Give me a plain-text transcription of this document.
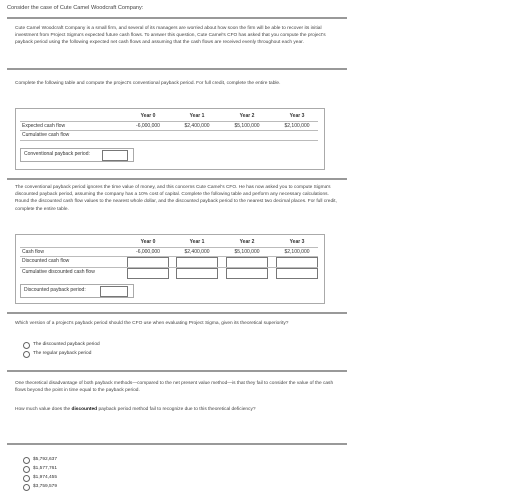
Consider the case of Cute Camel Woodcraft Company:
Cute Camel Woodcraft Company is a small firm, and several of its managers are worried about how soon the firm will be able to recover its initial investment from Project Sigma's expected future cash flows. To answer this question, Cute Camel's CFO has asked that you compute the project's payback period using the following expected net cash flows and assuming that the cash flows are received evenly throughout each year.
Complete the following table and compute the project's conventional payback period. For full credit, complete the entire table.
Year 0	Year 1	Year 2	Year 3
Expected cash flow	-6,000,000	$2,400,000	$5,100,000	$2,100,000
Cumulative cash flow
Conventional payback period:
The conventional payback period ignores the time value of money, and this concerns Cute Camel's CFO. He has now asked you to compute Sigma's discounted payback period, assuming the company has a 10% cost of capital. Complete the following table and perform any necessary calculations. Round the discounted cash flow values to the nearest whole dollar, and the discounted payback period to the nearest two decimal places. For full credit, complete the entire table.
Year 0	Year 1	Year 2	Year 3
Cash flow	-6,000,000	$2,400,000	$5,100,000	$2,100,000
Discounted cash flow
Cumulative discounted cash flow
Discounted payback period:
Which version of a project's payback period should the CFO use when evaluating Project Sigma, given its theoretical superiority?
The discounted payback period
The regular payback period
One theoretical disadvantage of both payback methods—compared to the net present value method—is that they fail to consider the value of the cash flows beyond the point in time equal to the payback period.
How much value does the discounted payback period method fail to recognize due to this theoretical deficiency?
$5,792,637
$1,577,761
$1,974,455
$3,759,579
